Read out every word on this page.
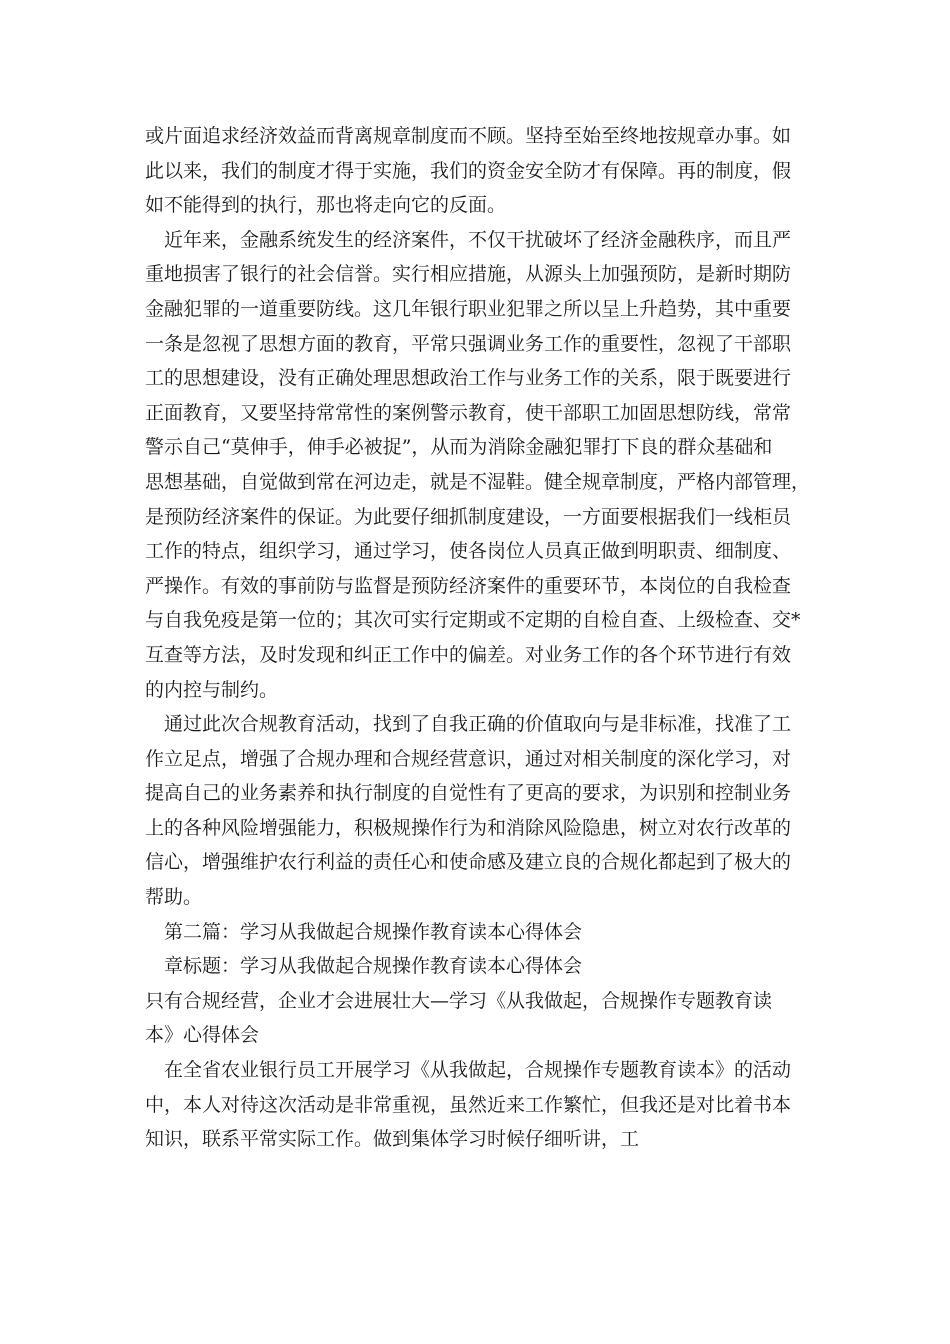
或片面追求经济效益而背离规章制度而不顾。坚持至始至终地按规章办事。如
此以来，我们的制度才得于实施，我们的资金安全防才有保障。再的制度，假
如不能得到的执行，那也将走向它的反面。
近年来，金融系统发生的经济案件，不仅干扰破坏了经济金融秩序，而且严
重地损害了银行的社会信誉。实行相应措施，从源头上加强预防，是新时期防
金融犯罪的一道重要防线。这几年银行职业犯罪之所以呈上升趋势，其中重要
一条是忽视了思想方面的教育，平常只强调业务工作的重要性，忽视了干部职
工的思想建设，没有正确处理思想政治工作与业务工作的关系，限于既要进行
正面教育，又要坚持常常性的案例警示教育，使干部职工加固思想防线，常常
警示自己“莫伸手，伸手必被捉”，从而为消除金融犯罪打下良的群众基础和
思想基础，自觉做到常在河边走，就是不湿鞋。健全规章制度，严格内部管理，
是预防经济案件的保证。为此要仔细抓制度建设，一方面要根据我们一线柜员
工作的特点，组织学习，通过学习，使各岗位人员真正做到明职责、细制度、
严操作。有效的事前防与监督是预防经济案件的重要环节，本岗位的自我检查
与自我免疫是第一位的；其次可实行定期或不定期的自检自查、上级检查、交*
互查等方法，及时发现和纠正工作中的偏差。对业务工作的各个环节进行有效
的内控与制约。
通过此次合规教育活动，找到了自我正确的价值取向与是非标准，找准了工
作立足点，增强了合规办理和合规经营意识，通过对相关制度的深化学习，对
提高自己的业务素养和执行制度的自觉性有了更高的要求，为识别和控制业务
上的各种风险增强能力，积极规操作行为和消除风险隐患，树立对农行改革的
信心，增强维护农行利益的责任心和使命感及建立良的合规化都起到了极大的
帮助。
第二篇：学习从我做起合规操作教育读本心得体会
章标题：学习从我做起合规操作教育读本心得体会
只有合规经营，企业才会进展壮大—学习《从我做起，合规操作专题教育读
本》心得体会
在全省农业银行员工开展学习《从我做起，合规操作专题教育读本》的活动
中，本人对待这次活动是非常重视，虽然近来工作繁忙，但我还是对比着书本
知识，联系平常实际工作。做到集体学习时候仔细听讲，工
